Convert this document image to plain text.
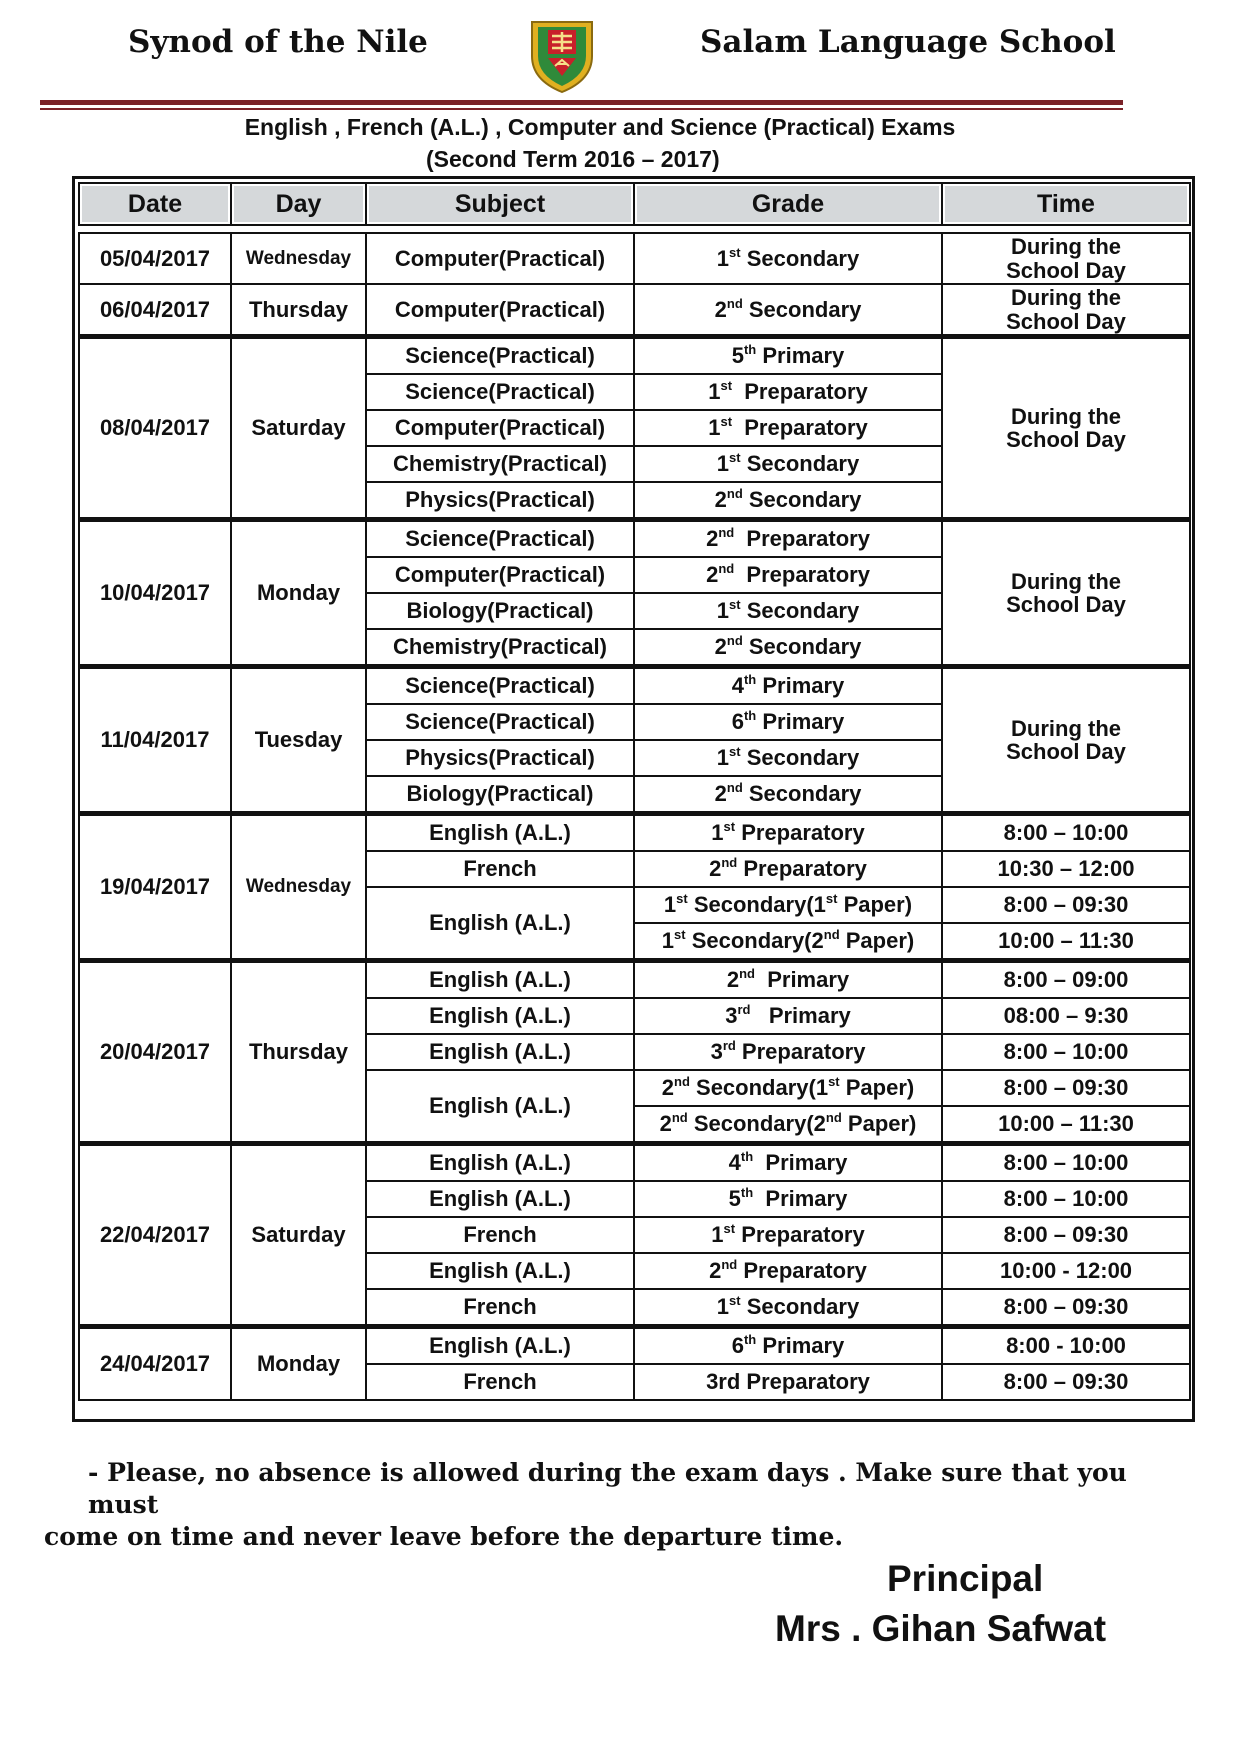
Synod of the Nile	Salam Language School
English , French (A.L.) , Computer and Science (Practical) Exams
(Second Term 2016 – 2017)
Date	Day	Subject	Grade	Time

05/04/2017	Wednesday	Computer(Practical)	1st Secondary	During the School Day
06/04/2017	Thursday	Computer(Practical)	2nd Secondary	During the School Day
08/04/2017	Saturday	Science(Practical)	5th Primary	During the School Day
		Science(Practical)	1st  Preparatory	
		Computer(Practical)	1st  Preparatory	
		Chemistry(Practical)	1st Secondary	
		Physics(Practical)	2nd Secondary	
10/04/2017	Monday	Science(Practical)	2nd  Preparatory	During the School Day
		Computer(Practical)	2nd  Preparatory	
		Biology(Practical)	1st Secondary	
		Chemistry(Practical)	2nd Secondary	
11/04/2017	Tuesday	Science(Practical)	4th Primary	During the School Day
		Science(Practical)	6th Primary	
		Physics(Practical)	1st Secondary	
		Biology(Practical)	2nd Secondary	
19/04/2017	Wednesday	English (A.L.)	1st Preparatory	8:00 – 10:00
		French	2nd Preparatory	10:30 – 12:00
		English (A.L.)	1st Secondary(1st Paper)	8:00 – 09:30
			1st Secondary(2nd Paper)	10:00 – 11:30
20/04/2017	Thursday	English (A.L.)	2nd  Primary	8:00 – 09:00
		English (A.L.)	3rd   Primary	08:00 – 9:30
		English (A.L.)	3rd Preparatory	8:00 – 10:00
		English (A.L.)	2nd Secondary(1st Paper)	8:00 – 09:30
			2nd Secondary(2nd Paper)	10:00 – 11:30
22/04/2017	Saturday	English (A.L.)	4th  Primary	8:00 – 10:00
		English (A.L.)	5th  Primary	8:00 – 10:00
		French	1st Preparatory	8:00 – 09:30
		English (A.L.)	2nd Preparatory	10:00 - 12:00
		French	1st Secondary	8:00 – 09:30
24/04/2017	Monday	English (A.L.)	6th Primary	8:00 - 10:00
		French	3rd Preparatory	8:00 – 09:30
- Please, no absence is allowed during the exam days . Make sure that you must
come on time and never leave before the departure time.
Principal
Mrs . Gihan Safwat
